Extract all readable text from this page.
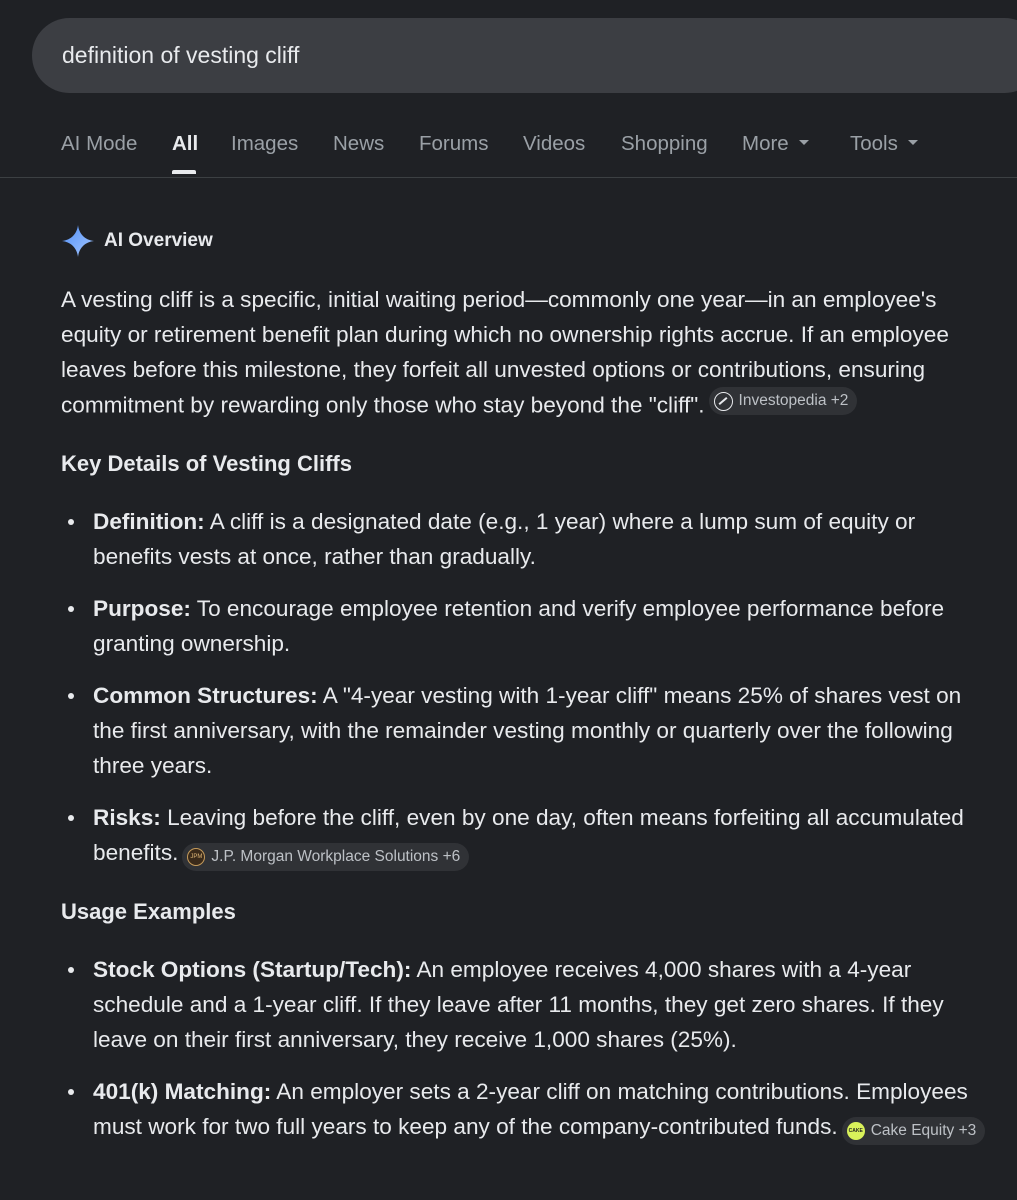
definition of vesting cliff
AI Mode All Images News Forums Videos Shopping More	Tools
AI Overview

A vesting cliff is a specific, initial waiting period—commonly one year—in an employee's equity or retirement benefit plan during which no ownership rights accrue. If an employee leaves before this milestone, they forfeit all unvested options or contributions, ensuring commitment by rewarding only those who stay beyond the "cliff". Investopedia +2

Key Details of Vesting Cliffs

Definition: A cliff is a designated date (e.g., 1 year) where a lump sum of equity or benefits vests at once, rather than gradually.
Purpose: To encourage employee retention and verify employee performance before granting ownership.
Common Structures: A "4-year vesting with 1-year cliff" means 25% of shares vest on the first anniversary, with the remainder vesting monthly or quarterly over the following three years.
Risks: Leaving before the cliff, even by one day, often means forfeiting all accumulated benefits.	JPM J.P. Morgan Workplace Solutions +6

Usage Examples

Stock Options (Startup/Tech): An employee receives 4,000 shares with a 4-year schedule and a 1-year cliff. If they leave after 11 months, they get zero shares. If they leave on their first anniversary, they receive 1,000 shares (25%).
401(k) Matching: An employer sets a 2-year cliff on matching contributions. Employees must work for two full years to keep any of the company-contributed funds.	CAKE Cake Equity +3
